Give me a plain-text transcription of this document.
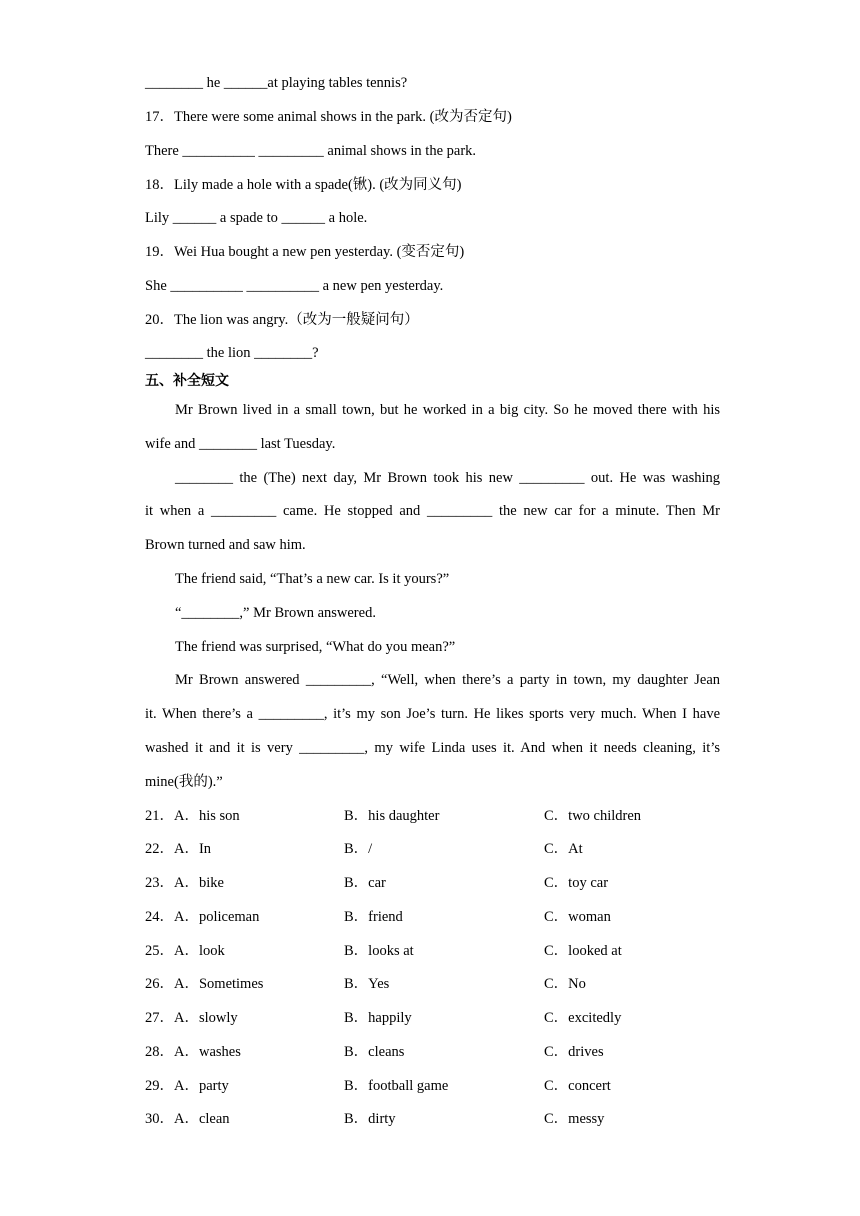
________ he ______at playing tables tennis?
17．There were some animal shows in the park. (改为否定句)
There __________ _________ animal shows in the park.
18．Lily made a hole with a spade(锹). (改为同义句)
Lily ______ a spade to ______ a hole.
19．Wei Hua bought a new pen yesterday. (变否定句)
She __________ __________ a new pen yesterday.
20．The lion was angry.（改为一般疑问句）
________ the lion ________?
五、补全短文
Mr Brown lived in a small town, but he worked in a big city. So he moved there with his
wife and ________ last Tuesday.
________ the (The) next day, Mr Brown took his new _________ out. He was washing
it when a _________ came. He stopped and _________ the new car for a minute. Then Mr
Brown turned and saw him.
The friend said, “That’s a new car. Is it yours?”
“________,” Mr Brown answered.
The friend was surprised, “What do you mean?”
Mr Brown answered _________, “Well, when there’s a party in town, my daughter Jean
it. When there’s a _________, it’s my son Joe’s turn. He likes sports very much. When I have
washed it and it is very _________, my wife Linda uses it. And when it needs cleaning, it’s
mine(我的).”
21．A．his son	B．his daughter	C．two children
22．A．In	B．/	C．At
23．A．bike	B．car	C．toy car
24．A．policeman	B．friend	C．woman
25．A．look	B．looks at	C．looked at
26．A．Sometimes	B．Yes	C．No
27．A．slowly	B．happily	C．excitedly
28．A．washes	B．cleans	C．drives
29．A．party	B．football game	C．concert
30．A．clean	B．dirty	C．messy
